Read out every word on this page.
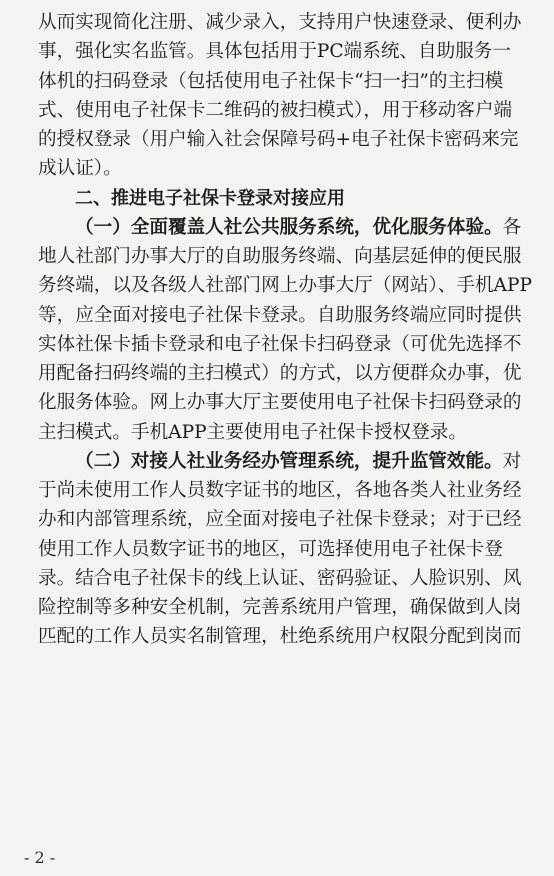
从而实现简化注册、减少录入，支持用户快速登录、便利办
事，强化实名监管。具体包括用于PC端系统、自助服务一
体机的扫码登录（包括使用电子社保卡“扫一扫”的主扫模
式、使用电子社保卡二维码的被扫模式），用于移动客户端
的授权登录（用户输入社会保障号码+电子社保卡密码来完
成认证）。
二、推进电子社保卡登录对接应用
（一）全面覆盖人社公共服务系统，优化服务体验。各
地人社部门办事大厅的自助服务终端、向基层延伸的便民服
务终端，以及各级人社部门网上办事大厅（网站）、手机APP
等，应全面对接电子社保卡登录。自助服务终端应同时提供
实体社保卡插卡登录和电子社保卡扫码登录（可优先选择不
用配备扫码终端的主扫模式）的方式，以方便群众办事，优
化服务体验。网上办事大厅主要使用电子社保卡扫码登录的
主扫模式。手机APP主要使用电子社保卡授权登录。
（二）对接人社业务经办管理系统，提升监管效能。对
于尚未使用工作人员数字证书的地区，各地各类人社业务经
办和内部管理系统，应全面对接电子社保卡登录；对于已经
使用工作人员数字证书的地区，可选择使用电子社保卡登
录。结合电子社保卡的线上认证、密码验证、人脸识别、风
险控制等多种安全机制，完善系统用户管理，确保做到人岗
匹配的工作人员实名制管理，杜绝系统用户权限分配到岗而
- 2 -
